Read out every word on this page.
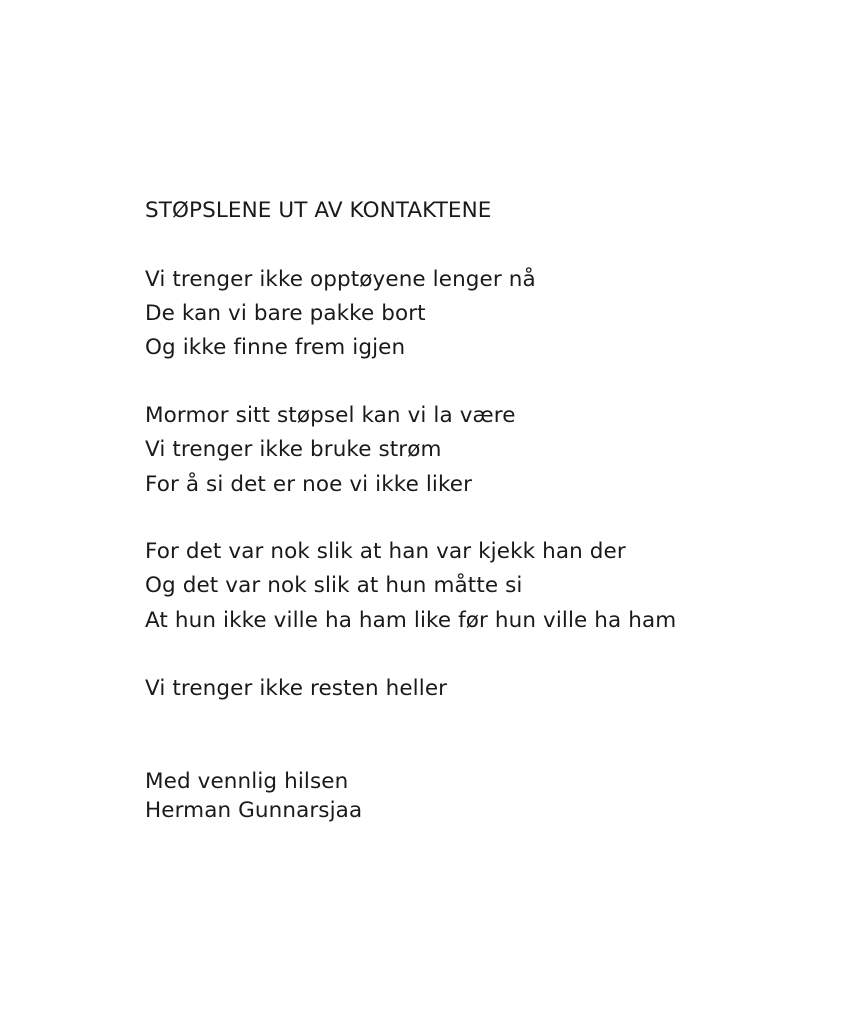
STØPSLENE UT AV KONTAKTENE
Vi trenger ikke opptøyene lenger nå
De kan vi bare pakke bort
Og ikke finne frem igjen
Mormor sitt støpsel kan vi la være
Vi trenger ikke bruke strøm
For å si det er noe vi ikke liker
For det var nok slik at han var kjekk han der
Og det var nok slik at hun måtte si
At hun ikke ville ha ham like før hun ville ha ham
Vi trenger ikke resten heller
Med vennlig hilsen
Herman Gunnarsjaa
